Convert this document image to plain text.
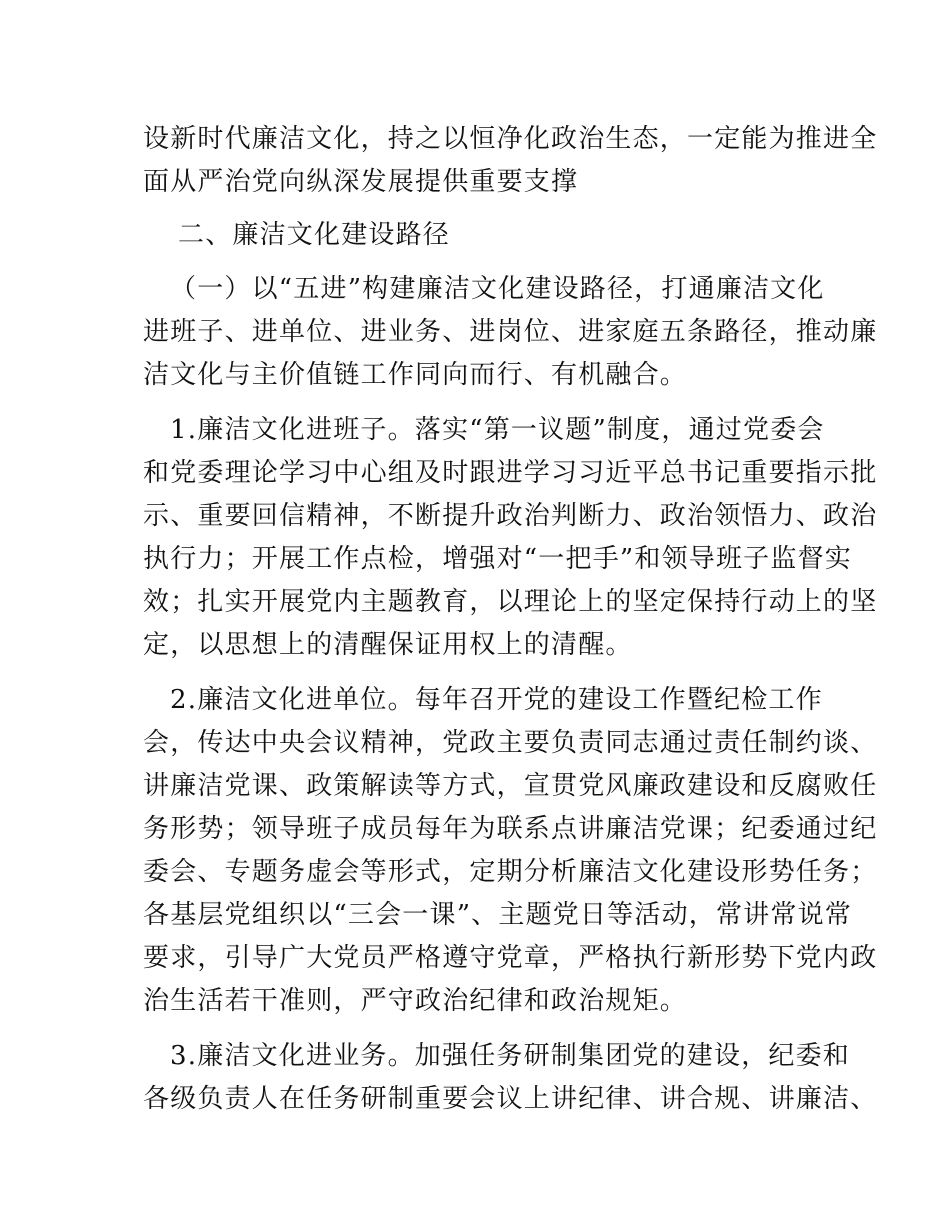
设新时代廉洁文化，持之以恒净化政治生态，一定能为推进全
面从严治党向纵深发展提供重要支撑
二、廉洁文化建设路径
（一）以“五进”构建廉洁文化建设路径，打通廉洁文化
进班子、进单位、进业务、进岗位、进家庭五条路径，推动廉
洁文化与主价值链工作同向而行、有机融合。
1.廉洁文化进班子。落实“第一议题”制度，通过党委会
和党委理论学习中心组及时跟进学习习近平总书记重要指示批
示、重要回信精神，不断提升政治判断力、政治领悟力、政治
执行力；开展工作点检，增强对“一把手”和领导班子监督实
效；扎实开展党内主题教育，以理论上的坚定保持行动上的坚
定，以思想上的清醒保证用权上的清醒。
2.廉洁文化进单位。每年召开党的建设工作暨纪检工作
会，传达中央会议精神，党政主要负责同志通过责任制约谈、
讲廉洁党课、政策解读等方式，宣贯党风廉政建设和反腐败任
务形势；领导班子成员每年为联系点讲廉洁党课；纪委通过纪
委会、专题务虚会等形式，定期分析廉洁文化建设形势任务；
各基层党组织以“三会一课”、主题党日等活动，常讲常说常
要求，引导广大党员严格遵守党章，严格执行新形势下党内政
治生活若干准则，严守政治纪律和政治规矩。
3.廉洁文化进业务。加强任务研制集团党的建设，纪委和
各级负责人在任务研制重要会议上讲纪律、讲合规、讲廉洁、
